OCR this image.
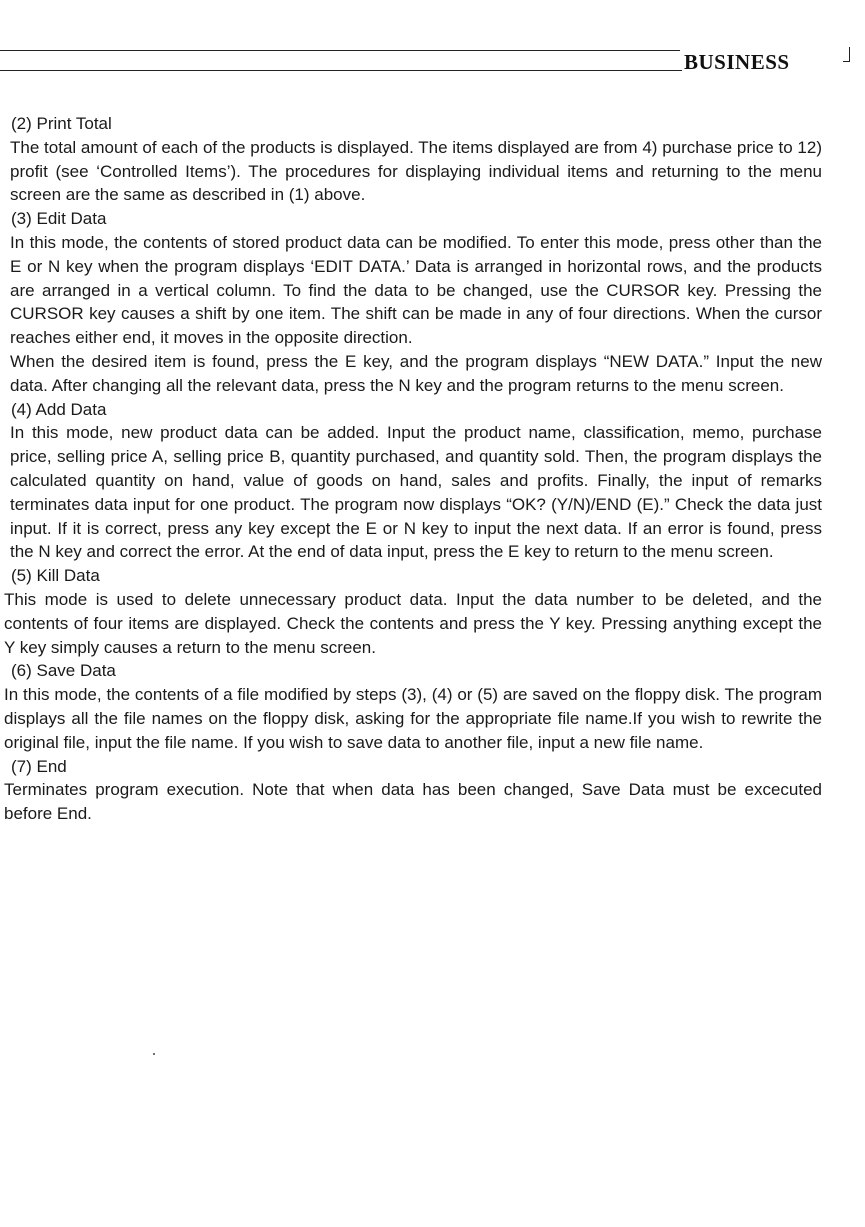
BUSINESS
(2) Print Total

The total amount of each of the products is displayed. The items displayed are from 4) purchase price to 12) profit (see ‘Controlled Items’). The procedures for displaying individual items and returning to the menu screen are the same as described in (1) above.

(3) Edit Data

In this mode, the contents of stored product data can be modified. To enter this mode, press other than the E or N key when the program displays ‘EDIT DATA.’ Data is arranged in horizontal rows, and the products are arranged in a vertical column. To find the data to be changed, use the CURSOR key. Pressing the CURSOR key causes a shift by one item. The shift can be made in any of four directions. When the cursor reaches either end, it moves in the opposite direction.

When the desired item is found, press the E key, and the program displays “NEW DATA.” Input the new data. After changing all the relevant data, press the N key and the program returns to the menu screen.

(4) Add Data

In this mode, new product data can be added. Input the product name, classification, memo, purchase price, selling price A, selling price B, quantity purchased, and quantity sold. Then, the program displays the calculated quantity on hand, value of goods on hand, sales and profits. Finally, the input of remarks terminates data input for one product. The program now displays “OK? (Y/N)/END (E).” Check the data just input. If it is correct, press any key except the E or N key to input the next data. If an error is found, press the N key and correct the error. At the end of data input, press the E key to return to the menu screen.

(5) Kill Data

This mode is used to delete unnecessary product data. Input the data number to be deleted, and the contents of four items are displayed. Check the contents and press the Y key. Pressing anything except the Y key simply causes a return to the menu screen.

(6) Save Data

In this mode, the contents of a file modified by steps (3), (4) or (5) are saved on the floppy disk. The program displays all the file names on the floppy disk, asking for the appropriate file name.If you wish to rewrite the original file, input the file name. If you wish to save data to another file, input a new file name.

(7) End

Terminates program execution. Note that when data has been changed, Save Data must be excecuted before End.
